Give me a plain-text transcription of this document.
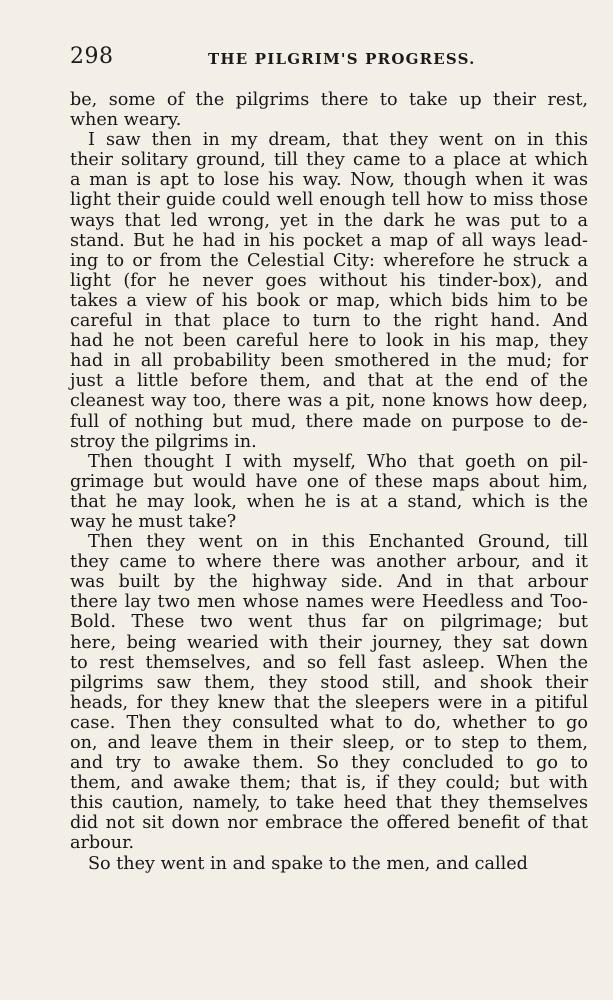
298	THE PILGRIM'S PROGRESS.
be, some of the pilgrims there to take up their rest,
when weary.
I saw then in my dream, that they went on in this
their solitary ground, till they came to a place at which
a man is apt to lose his way. Now, though when it was
light their guide could well enough tell how to miss those
ways that led wrong, yet in the dark he was put to a
stand. But he had in his pocket a map of all ways lead-
ing to or from the Celestial City: wherefore he struck a
light (for he never goes without his tinder-box), and
takes a view of his book or map, which bids him to be
careful in that place to turn to the right hand. And
had he not been careful here to look in his map, they
had in all probability been smothered in the mud; for
just a little before them, and that at the end of the
cleanest way too, there was a pit, none knows how deep,
full of nothing but mud, there made on purpose to de-
stroy the pilgrims in.
Then thought I with myself, Who that goeth on pil-
grimage but would have one of these maps about him,
that he may look, when he is at a stand, which is the
way he must take?
Then they went on in this Enchanted Ground, till
they came to where there was another arbour, and it
was built by the highway side. And in that arbour
there lay two men whose names were Heedless and Too-
Bold. These two went thus far on pilgrimage; but
here, being wearied with their journey, they sat down
to rest themselves, and so fell fast asleep. When the
pilgrims saw them, they stood still, and shook their
heads, for they knew that the sleepers were in a pitiful
case. Then they consulted what to do, whether to go
on, and leave them in their sleep, or to step to them,
and try to awake them. So they concluded to go to
them, and awake them; that is, if they could; but with
this caution, namely, to take heed that they themselves
did not sit down nor embrace the offered benefit of that
arbour.
So they went in and spake to the men, and called
